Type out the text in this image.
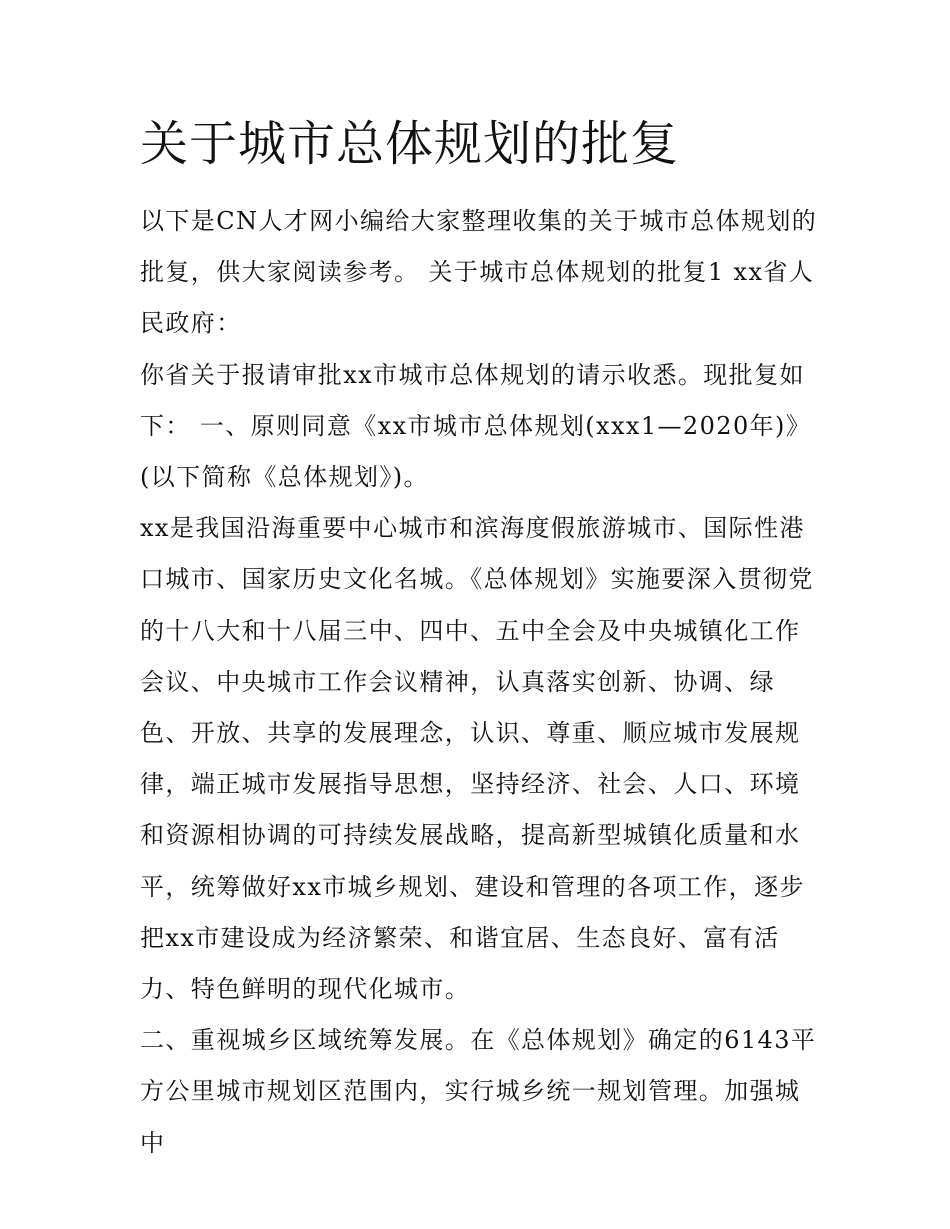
关于城市总体规划的批复

以下是CN人才网小编给大家整理收集的关于城市总体规划的批复，供大家阅读参考。 关于城市总体规划的批复1 xx省人民政府：

你省关于报请审批xx市城市总体规划的请示收悉。现批复如下： 一、原则同意《xx市城市总体规划(xxx1—2020年)》(以下简称《总体规划》)。

xx是我国沿海重要中心城市和滨海度假旅游城市、国际性港口城市、国家历史文化名城。《总体规划》实施要深入贯彻党的十八大和十八届三中、四中、五中全会及中央城镇化工作会议、中央城市工作会议精神，认真落实创新、协调、绿色、开放、共享的发展理念，认识、尊重、顺应城市发展规律，端正城市发展指导思想，坚持经济、社会、人口、环境和资源相协调的可持续发展战略，提高新型城镇化质量和水平，统筹做好xx市城乡规划、建设和管理的各项工作，逐步把xx市建设成为经济繁荣、和谐宜居、生态良好、富有活力、特色鲜明的现代化城市。

二、重视城乡区域统筹发展。在《总体规划》确定的6143平方公里城市规划区范围内，实行城乡统一规划管理。加强城中
